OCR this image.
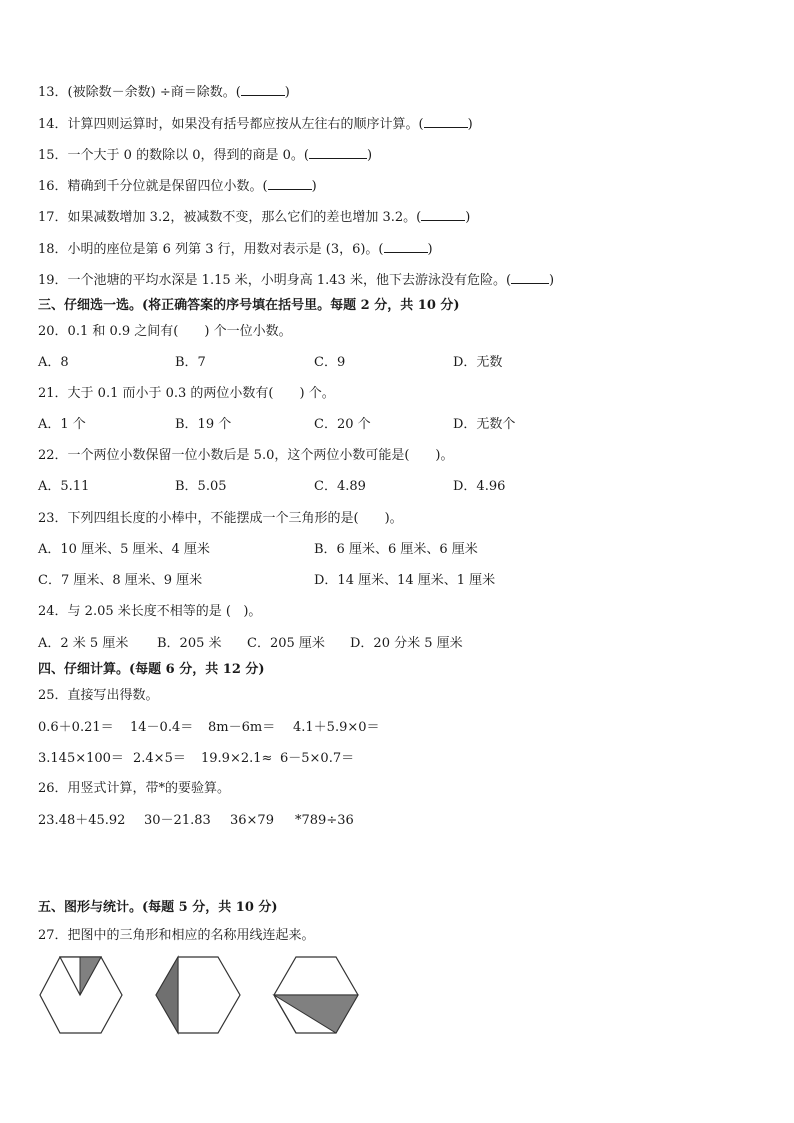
13．(被除数－余数) ÷商＝除数。(	)
14．计算四则运算时，如果没有括号都应按从左往右的顺序计算。(	)
15．一个大于 0 的数除以 0，得到的商是 0。(	)
16．精确到千分位就是保留四位小数。(	)
17．如果减数增加 3.2，被减数不变，那么它们的差也增加 3.2。(	)
18．小明的座位是第 6 列第 3 行，用数对表示是 (3，6)。(	)
19．一个池塘的平均水深是 1.15 米，小明身高 1.43 米，他下去游泳没有危险。(	)
三、仔细选一选。(将正确答案的序号填在括号里。每题 2 分，共 10 分)
20．0.1 和 0.9 之间有(　　) 个一位小数。
A．8	B．7	C．9	D．无数
21．大于 0.1 而小于 0.3 的两位小数有(　　) 个。
A．1 个	B．19 个	C．20 个	D．无数个
22．一个两位小数保留一位小数后是 5.0，这个两位小数可能是(　　)。
A．5.11	B．5.05	C．4.89	D．4.96
23．下列四组长度的小棒中，不能摆成一个三角形的是(　　)。
A．10 厘米、5 厘米、4 厘米	B．6 厘米、6 厘米、6 厘米
C．7 厘米、8 厘米、9 厘米	D．14 厘米、14 厘米、1 厘米
24．与 2.05 米长度不相等的是 (   )。
A．2 米 5 厘米 B．205 米 C．205 厘米 D．20 分米 5 厘米
四、仔细计算。(每题 6 分，共 12 分)
25．直接写出得数。
0.6＋0.21＝ 14－0.4＝ 8m－6m＝ 4.1＋5.9×0＝
3.145×100＝ 2.4×5＝ 19.9×2.1≈ 6－5×0.7＝
26．用竖式计算，带*的要验算。
23.48＋45.92 30－21.83 36×79 *789÷36
五、图形与统计。(每题 5 分，共 10 分)
27．把图中的三角形和相应的名称用线连起来。
